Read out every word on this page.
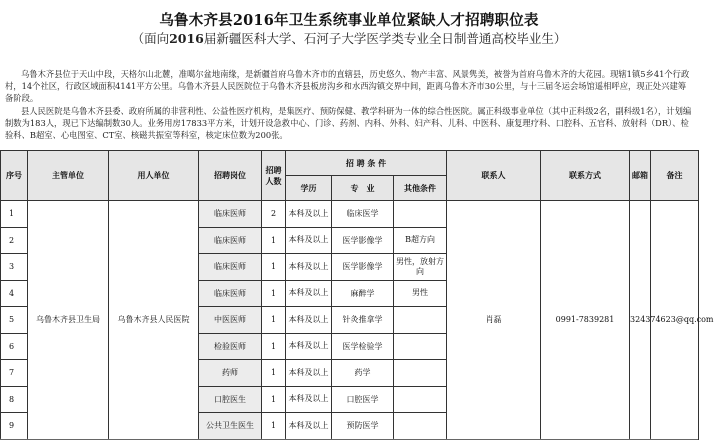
乌鲁木齐县2016年卫生系统事业单位紧缺人才招聘职位表
（面向2016届新疆医科大学、石河子大学医学类专业全日制普通高校毕业生）

乌鲁木齐县位于天山中段，天格尔山北麓，准噶尔盆地南缘，是新疆首府乌鲁木齐市的直辖县，历史悠久、物产丰富、风景隽美，被誉为首府乌鲁木齐的大花园。现辖1镇5乡41个行政村，14个社区，行政区域面积4141平方公里。乌鲁木齐县人民医院位于乌鲁木齐县板房沟乡和水西沟镇交界中间，距离乌鲁木齐市30公里，与十三届冬运会场馆遥相呼应，现正处兴建筹备阶段。

县人民医院是乌鲁木齐县委、政府所属的非营利性、公益性医疗机构，是集医疗、预防保健、教学科研为一体的综合性医院。属正科级事业单位（其中正科级2名，副科级1名），计划编制数为183人，现已下达编制数30人。业务用房17833平方米，计划开设急救中心、门诊、药剂、内科、外科、妇产科、儿科、中医科、康复理疗科、口腔科、五官科、放射科（DR）、检验科、B超室、心电图室、CT室、核磁共振室等科室，核定床位数为200张。

序号	主管单位	用人单位	招聘岗位	招聘人数	招 聘 条 件			联系人	联系方式	邮箱	备注
					学历	专　业	其他条件				
1	乌鲁木齐县卫生局	乌鲁木齐县人民医院	临床医师	2	本科及以上	临床医学		肖磊	0991-7839281	324374623@qq.com	
2			临床医师	1	本科及以上	医学影像学	B超方向				
3			临床医师	1	本科及以上	医学影像学	男性，放射方向				
4			临床医师	1	本科及以上	麻醉学	男性				
5			中医医师	1	本科及以上	针灸推拿学					
6			检验医师	1	本科及以上	医学检验学					
7			药师	1	本科及以上	药学					
8			口腔医生	1	本科及以上	口腔医学					
9			公共卫生医生	1	本科及以上	预防医学					
